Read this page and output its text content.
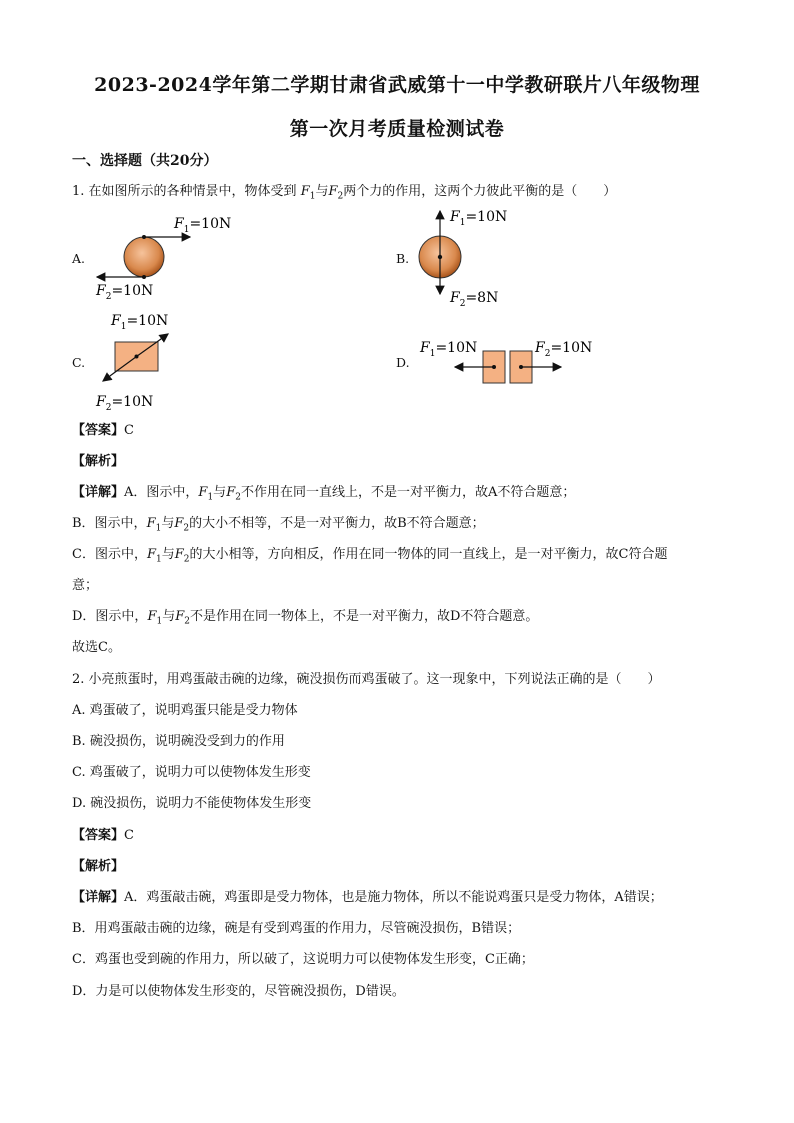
2023-2024学年第二学期甘肃省武威第十一中学教研联片八年级物理
第一次月考质量检测试卷
一、选择题（共20分）
1. 在如图所示的各种情景中，物体受到 $F_1$与$F_2$两个力的作用，这两个力彼此平衡的是（　　）
A.	B.
C.	D.
$F_1=10N$
$F_2=10N$
$F_1=10N$
$F_2=8N$
$F_1=10N$
$F_2=10N$
$F_1=10N$	$F_2=10N$
【答案】C
【解析】
【详解】A．图示中，$F_1$与$F_2$不作用在同一直线上，不是一对平衡力，故A不符合题意；
B．图示中，$F_1$与$F_2$的大小不相等，不是一对平衡力，故B不符合题意；
C．图示中，$F_1$与$F_2$的大小相等，方向相反，作用在同一物体的同一直线上，是一对平衡力，故C符合题
意；
D．图示中，$F_1$与$F_2$不是作用在同一物体上，不是一对平衡力，故D不符合题意。
故选C。
2. 小亮煎蛋时，用鸡蛋敲击碗的边缘，碗没损伤而鸡蛋破了。这一现象中，下列说法正确的是（　　）
A. 鸡蛋破了，说明鸡蛋只能是受力物体
B. 碗没损伤，说明碗没受到力的作用
C. 鸡蛋破了，说明力可以使物体发生形变
D. 碗没损伤，说明力不能使物体发生形变
【答案】C
【解析】
【详解】A．鸡蛋敲击碗，鸡蛋即是受力物体，也是施力物体，所以不能说鸡蛋只是受力物体，A错误；
B．用鸡蛋敲击碗的边缘，碗是有受到鸡蛋的作用力，尽管碗没损伤，B错误；
C．鸡蛋也受到碗的作用力，所以破了，这说明力可以使物体发生形变，C正确；
D．力是可以使物体发生形变的，尽管碗没损伤，D错误。
